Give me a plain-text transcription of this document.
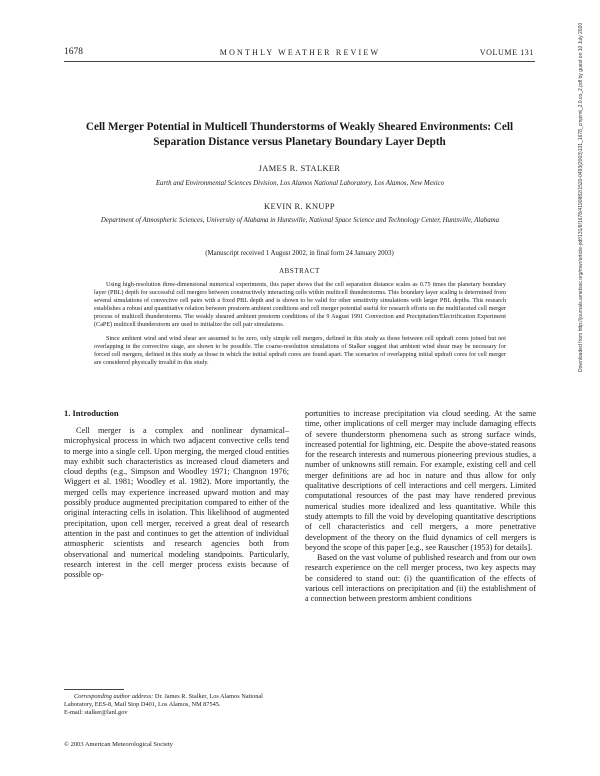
1678	MONTHLY WEATHER REVIEW	VOLUME 131
Cell Merger Potential in Multicell Thunderstorms of Weakly Sheared Environments: Cell Separation Distance versus Planetary Boundary Layer Depth
JAMES R. STALKER
Earth and Environmental Sciences Division, Los Alamos National Laboratory, Los Alamos, New Mexico
KEVIN R. KNUPP
Department of Atmospheric Sciences, University of Alabama in Huntsville, National Space Science and Technology Center, Huntsville, Alabama
(Manuscript received 1 August 2002, in final form 24 January 2003)
ABSTRACT

Using high-resolution three-dimensional numerical experiments, this paper shows that the cell separation distance scales as 0.75 times the planetary boundary layer (PBL) depth for successful cell mergers between constructively interacting cells within multicell thunderstorms. This boundary layer scaling is determined from several simulations of convective cell pairs with a fixed PBL depth and is shown to be valid for other sensitivity simulations with larger PBL depths. This research establishes a robust and quantitative relation between prestorm ambient conditions and cell merger potential useful for research efforts on the multifaceted cell merger process of multicell thunderstorms. The weakly sheared ambient prestorm conditions of the 9 August 1991 Convection and Precipitation/Electrification Experiment (CaPE) multicell thunderstorm are used to initialize the cell pair simulations.

Since ambient wind and wind shear are assumed to be zero, only simple cell mergers, defined in this study as those between cell updraft cores joined but not overlapping in the convective stage, are shown to be possible. The coarse-resolution simulations of Stalker suggest that ambient wind shear may be necessary for forced cell mergers, defined in this study as those in which the initial updraft cores are found apart. The scenarios of overlapping initial updraft cores for cell merger are considered physically invalid in this study.	Downloaded from http://journals.ametsoc.org/mwr/article-pdf/131/8/1678/4190882/1520-0493(2003)131_1678_cmpimt_2.0.co_2.pdf by guest on 10 July 2020
1. Introduction

Cell merger is a complex and nonlinear dynamical–microphysical process in which two adjacent convective cells tend to merge into a single cell. Upon merging, the merged cloud entities may exhibit such characteristics as increased cloud diameters and cloud depths (e.g., Simpson and Woodley 1971; Changnon 1976; Wiggert et al. 1981; Woodley et al. 1982). More importantly, the merged cells may experience increased upward motion and may possibly produce augmented precipitation compared to either of the original interacting cells in isolation. This likelihood of augmented precipitation, upon cell merger, received a great deal of research attention in the past and continues to get the attention of individual atmospheric scientists and research agencies both from observational and numerical modeling standpoints. Particularly, research interest in the cell merger process exists because of possible op-

portunities to increase precipitation via cloud seeding. At the same time, other implications of cell merger may include damaging effects of severe thunderstorm phenomena such as strong surface winds, increased potential for lightning, etc. Despite the above-stated reasons for the research interests and numerous pioneering previous studies, a number of unknowns still remain. For example, existing cell and cell merger definitions are ad hoc in nature and thus allow for only qualitative descriptions of cell interactions and cell mergers. Limited computational resources of the past may have rendered previous numerical studies more idealized and less quantitative. While this study attempts to fill the void by developing quantitative descriptions of cell characteristics and cell mergers, a more penetrative development of the theory on the fluid dynamics of cell mergers is beyond the scope of this paper [e.g., see Rauscher (1953) for details].

Based on the vast volume of published research and from our own research experience on the cell merger process, two key aspects may be considered to stand out: (i) the quantification of the effects of various cell interactions on precipitation and (ii) the establishment of a connection between prestorm ambient conditions

Corresponding author address: Dr. James R. Stalker, Los Alamos National Laboratory, EES-8, Mail Stop D401, Los Alamos, NM 87545.
E-mail: stalker@lanl.gov

© 2003 American Meteorological Society
